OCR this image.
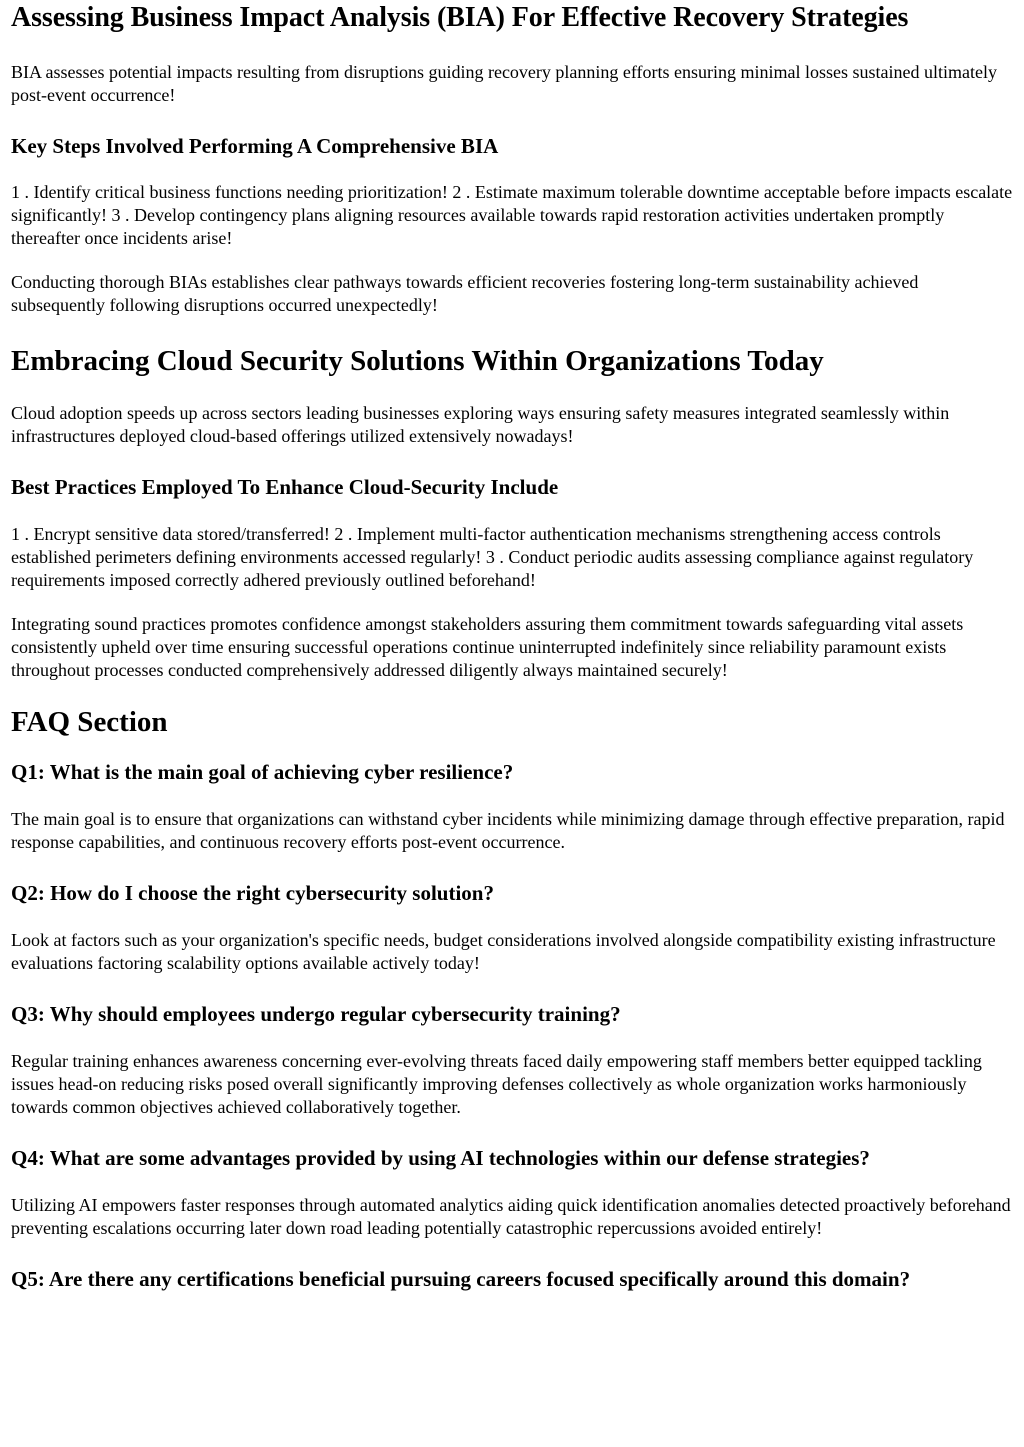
Assessing Business Impact Analysis (BIA) For Effective Recovery Strategies

BIA assesses potential impacts resulting from disruptions guiding recovery planning efforts ensuring minimal losses sustained ultimately post-event occurrence!

Key Steps Involved Performing A Comprehensive BIA

1 . Identify critical business functions needing prioritization! 2 . Estimate maximum tolerable downtime acceptable before impacts escalate significantly! 3 . Develop contingency plans aligning resources available towards rapid restoration activities undertaken promptly thereafter once incidents arise!

Conducting thorough BIAs establishes clear pathways towards efficient recoveries fostering long-term sustainability achieved subsequently following disruptions occurred unexpectedly!

Embracing Cloud Security Solutions Within Organizations Today

Cloud adoption speeds up across sectors leading businesses exploring ways ensuring safety measures integrated seamlessly within infrastructures deployed cloud-based offerings utilized extensively nowadays!

Best Practices Employed To Enhance Cloud-Security Include

1 . Encrypt sensitive data stored/transferred! 2 . Implement multi-factor authentication mechanisms strengthening access controls established perimeters defining environments accessed regularly! 3 . Conduct periodic audits assessing compliance against regulatory requirements imposed correctly adhered previously outlined beforehand!

Integrating sound practices promotes confidence amongst stakeholders assuring them commitment towards safeguarding vital assets consistently upheld over time ensuring successful operations continue uninterrupted indefinitely since reliability paramount exists throughout processes conducted comprehensively addressed diligently always maintained securely!

FAQ Section
Q1: What is the main goal of achieving cyber resilience?

The main goal is to ensure that organizations can withstand cyber incidents while minimizing damage through effective preparation, rapid response capabilities, and continuous recovery efforts post-event occurrence.

Q2: How do I choose the right cybersecurity solution?

Look at factors such as your organization's specific needs, budget considerations involved alongside compatibility existing infrastructure evaluations factoring scalability options available actively today!

Q3: Why should employees undergo regular cybersecurity training?

Regular training enhances awareness concerning ever-evolving threats faced daily empowering staff members better equipped tackling issues head-on reducing risks posed overall significantly improving defenses collectively as whole organization works harmoniously towards common objectives achieved collaboratively together.

Q4: What are some advantages provided by using AI technologies within our defense strategies?

Utilizing AI empowers faster responses through automated analytics aiding quick identification anomalies detected proactively beforehand preventing escalations occurring later down road leading potentially catastrophic repercussions avoided entirely!

Q5: Are there any certifications beneficial pursuing careers focused specifically around this domain?
